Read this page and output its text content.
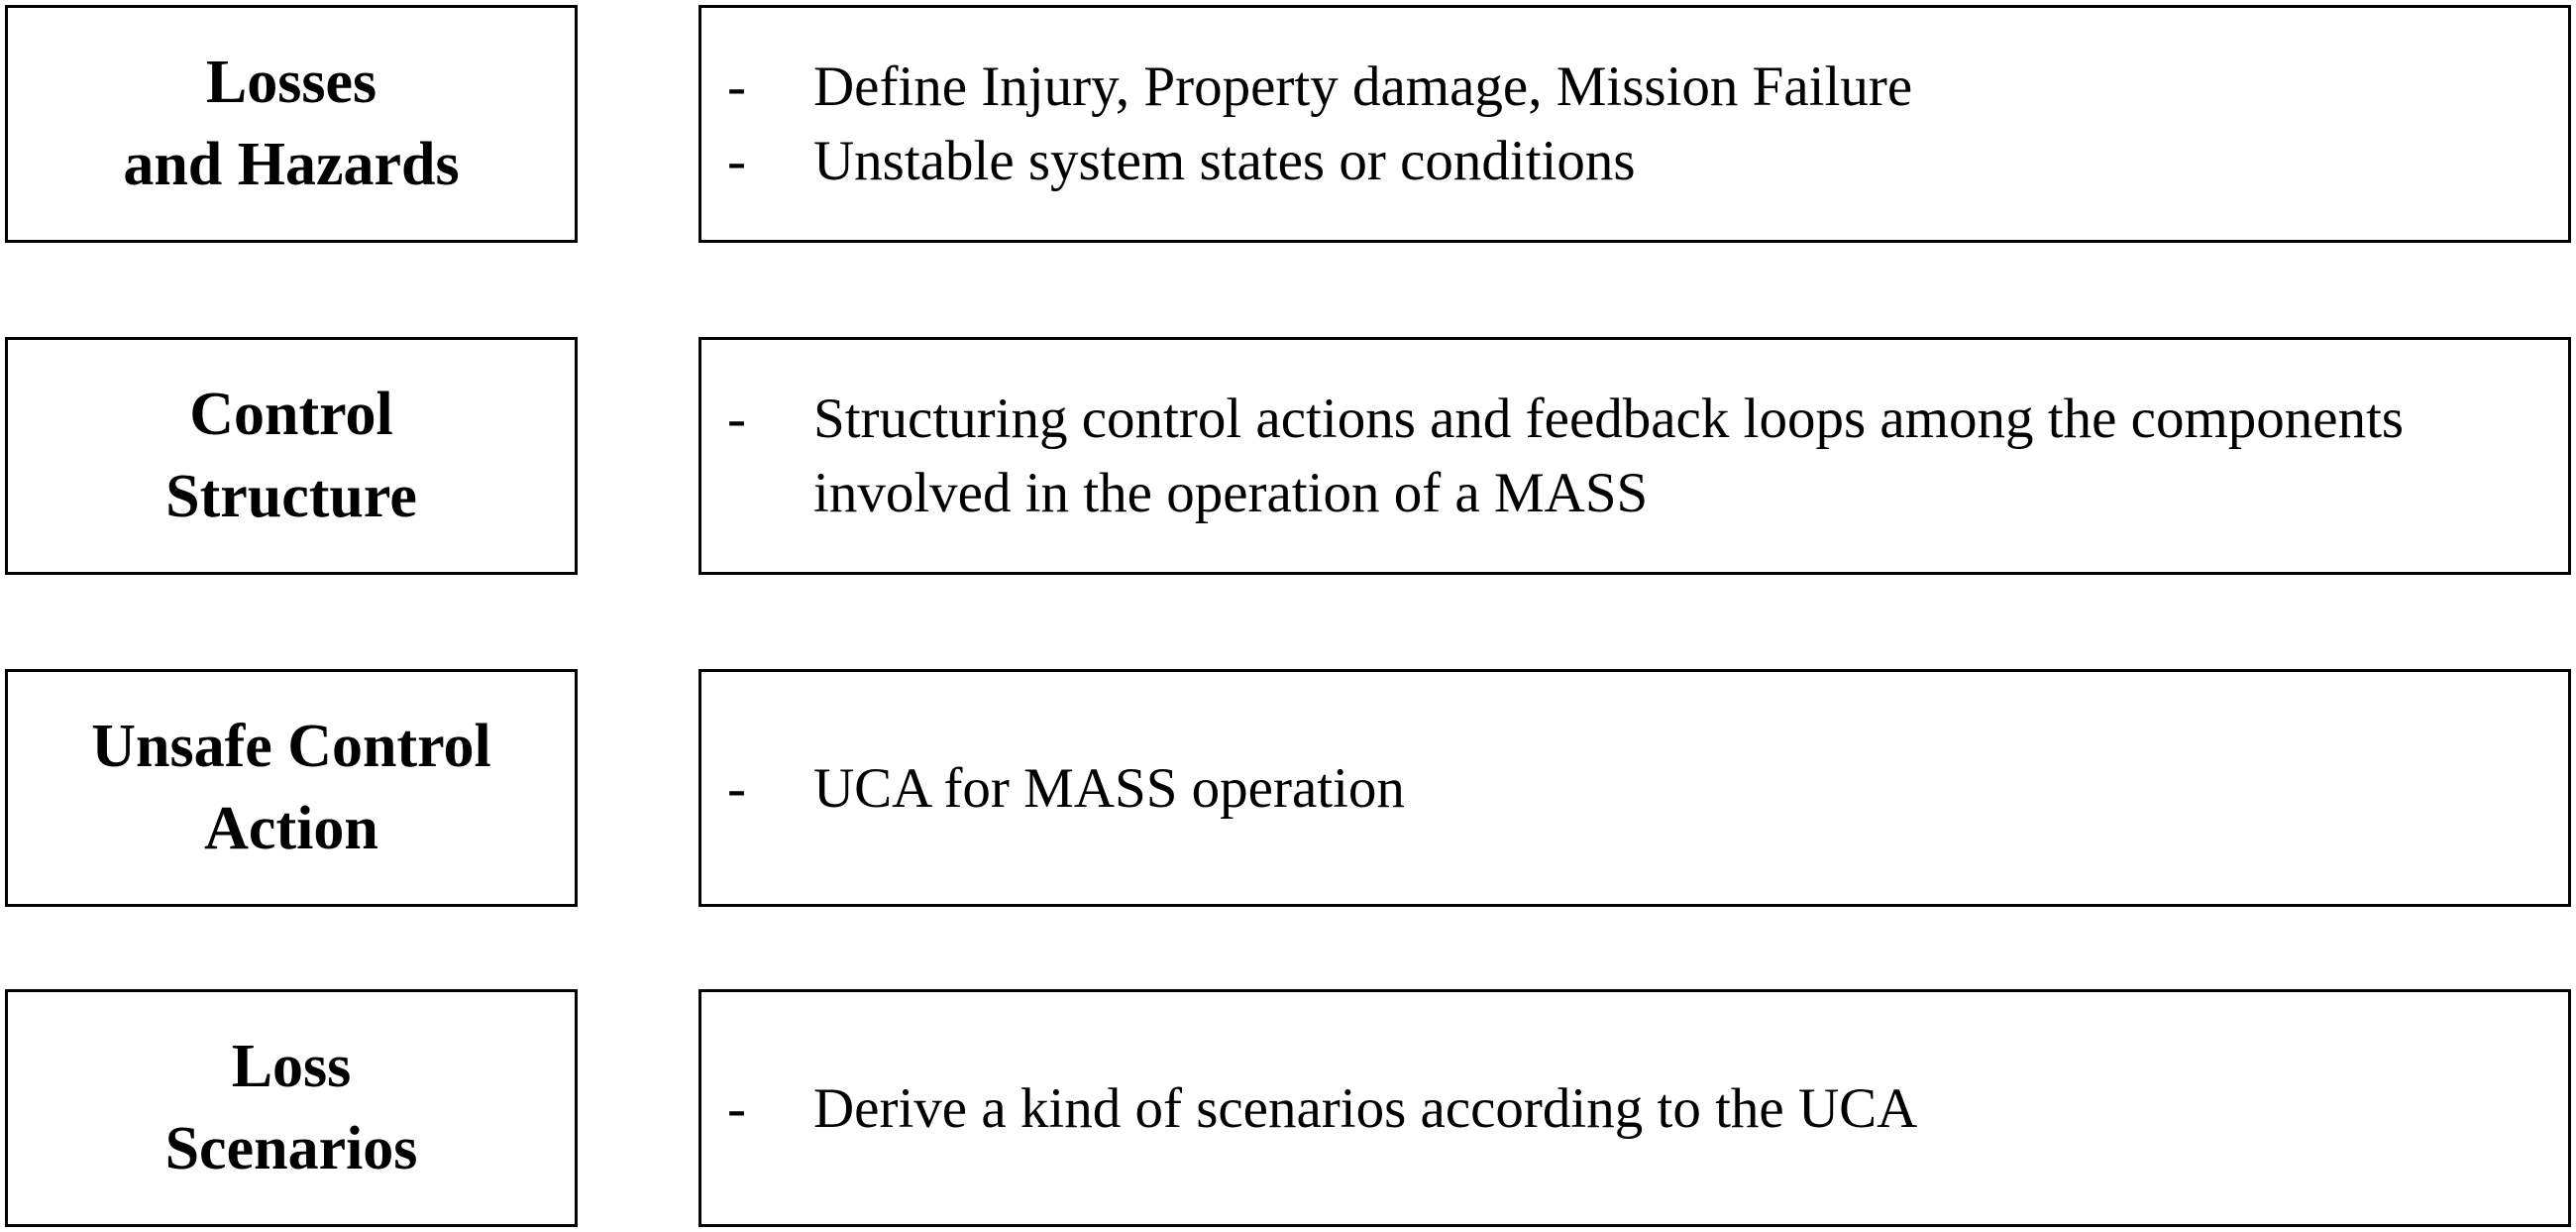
Losses
and Hazards
-	Define Injury, Property damage, Mission Failure
-	Unstable system states or conditions
Control
Structure
-	Structuring control actions and feedback loops among the components
involved in the operation of a MASS
Unsafe Control
Action
-	UCA for MASS operation
Loss
Scenarios
-	Derive a kind of scenarios according to the UCA
